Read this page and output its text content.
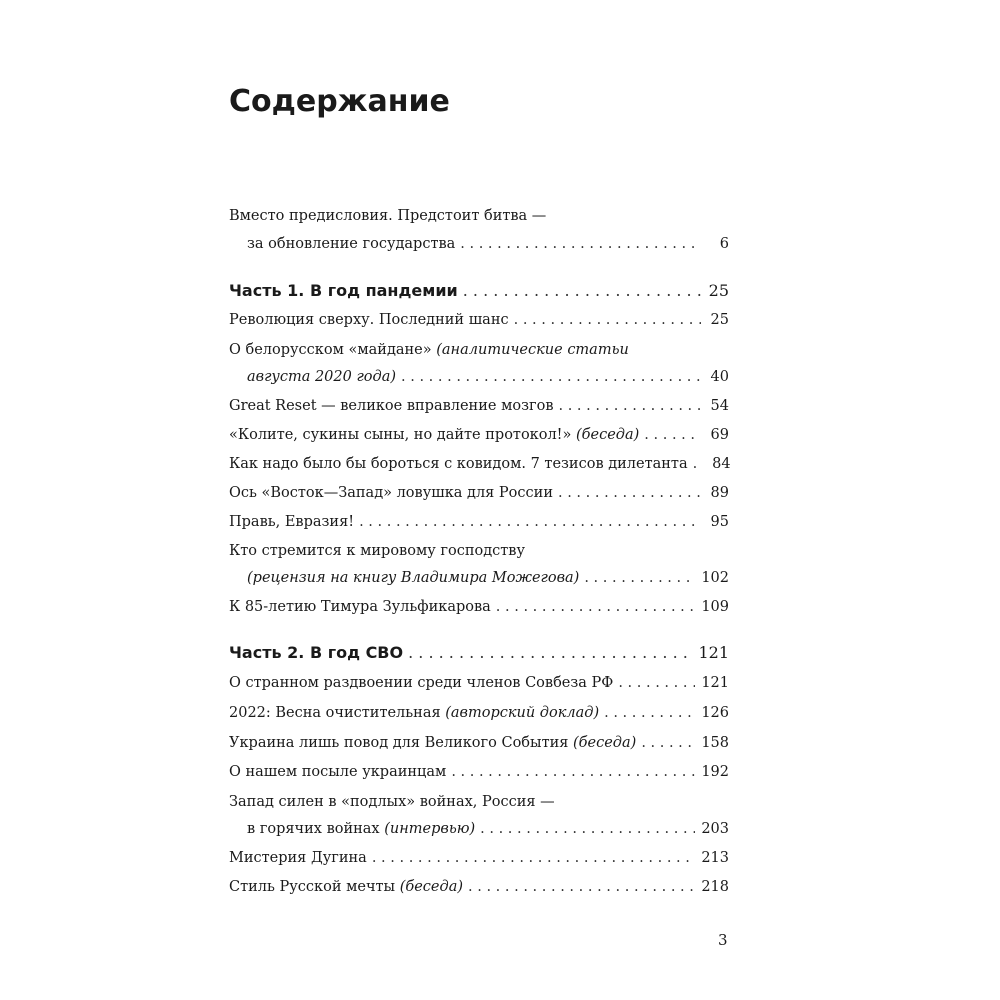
Содержание
Вместо предисловия. Предстоит битва —
за обновление государства . . .	6
Часть 1. В год пандемии . . .	25
Революция сверху. Последний шанс . . .	25
О белорусском «майдане» (аналитические статьи
августа 2020 года) . . .	40
Great Reset — великое вправление мозгов . . .	54
«Колите, сукины сыны, но дайте протокол!» (беседа) . . .	69
Как надо было бы бороться с ковидом. 7 тезисов дилетанта . . . 84
Ось «Восток—Запад» ловушка для России . . .	89
Правь, Евразия! . . .	95
Кто стремится к мировому господству
(рецензия на книгу Владимира Можегова) . . .	102
К 85-летию Тимура Зульфикарова . . .	109
Часть 2. В год СВО . . .	121
О странном раздвоении среди членов Совбеза РФ . . .	121
2022: Весна очистительная (авторский доклад) . . .	126
Украина лишь повод для Великого События (беседа) . . .	158
О нашем посыле украинцам . . .	192
Запад силен в «подлых» войнах, Россия —
в горячих войнах (интервью) . . .	203
Мистерия Дугина . . .	213
Стиль Русской мечты (беседа) . . .	218
3
